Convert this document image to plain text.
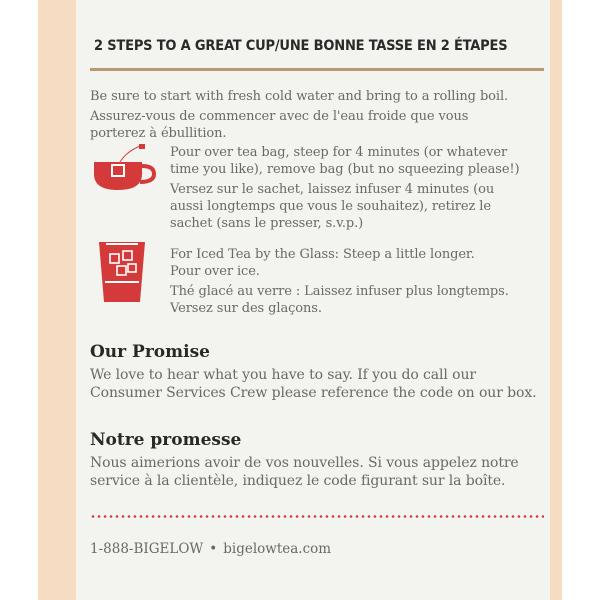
2 STEPS TO A GREAT CUP/UNE BONNE TASSE EN 2 ÉTAPES

Be sure to start with fresh cold water and bring to a rolling boil.

Assurez-vous de commencer avec de l'eau froide que vous
porterez à ébullition.

Pour over tea bag, steep for 4 minutes (or whatever
time you like), remove bag (but no squeezing please!)

Versez sur le sachet, laissez infuser 4 minutes (ou
aussi longtemps que vous le souhaitez), retirez le
sachet (sans le presser, s.v.p.)

For Iced Tea by the Glass: Steep a little longer.
Pour over ice.

Thé glacé au verre : Laissez infuser plus longtemps.
Versez sur des glaçons.

Our Promise
We love to hear what you have to say. If you do call our Consumer Services Crew please reference the code on our box.
Notre promesse
Nous aimerions avoir de vos nouvelles. Si vous appelez notre service à la clientèle, indiquez le code figurant sur la boîte.
1-888-BIGELOW • bigelowtea.com
